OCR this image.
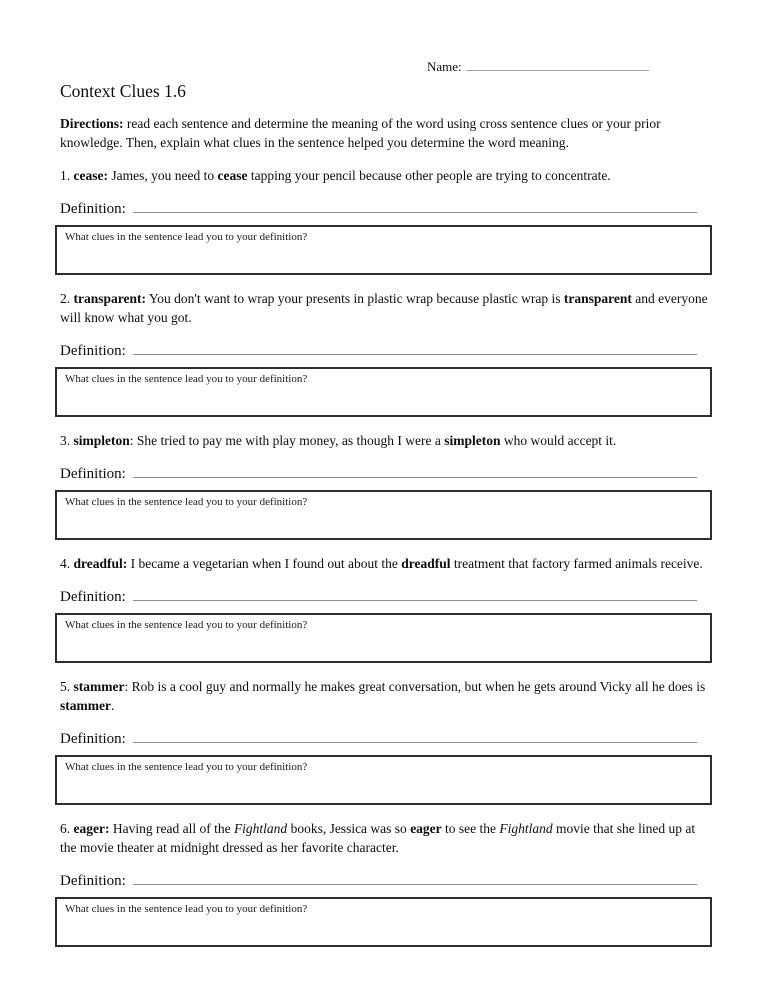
Name:
Context Clues 1.6

Directions: read each sentence and determine the meaning of the word using cross sentence clues or your prior knowledge. Then, explain what clues in the sentence helped you determine the word meaning.

1. cease: James, you need to cease tapping your pencil because other people are trying to concentrate.

Definition:
What clues in the sentence lead you to your definition?

2. transparent: You don't want to wrap your presents in plastic wrap because plastic wrap is transparent and everyone will know what you got.

Definition:
What clues in the sentence lead you to your definition?

3. simpleton: She tried to pay me with play money, as though I were a simpleton who would accept it.

Definition:
What clues in the sentence lead you to your definition?

4. dreadful: I became a vegetarian when I found out about the dreadful treatment that factory farmed animals receive.

Definition:
What clues in the sentence lead you to your definition?

5. stammer: Rob is a cool guy and normally he makes great conversation, but when he gets around Vicky all he does is stammer.

Definition:
What clues in the sentence lead you to your definition?

6. eager: Having read all of the Fightland books, Jessica was so eager to see the Fightland movie that she lined up at the movie theater at midnight dressed as her favorite character.

Definition:
What clues in the sentence lead you to your definition?
